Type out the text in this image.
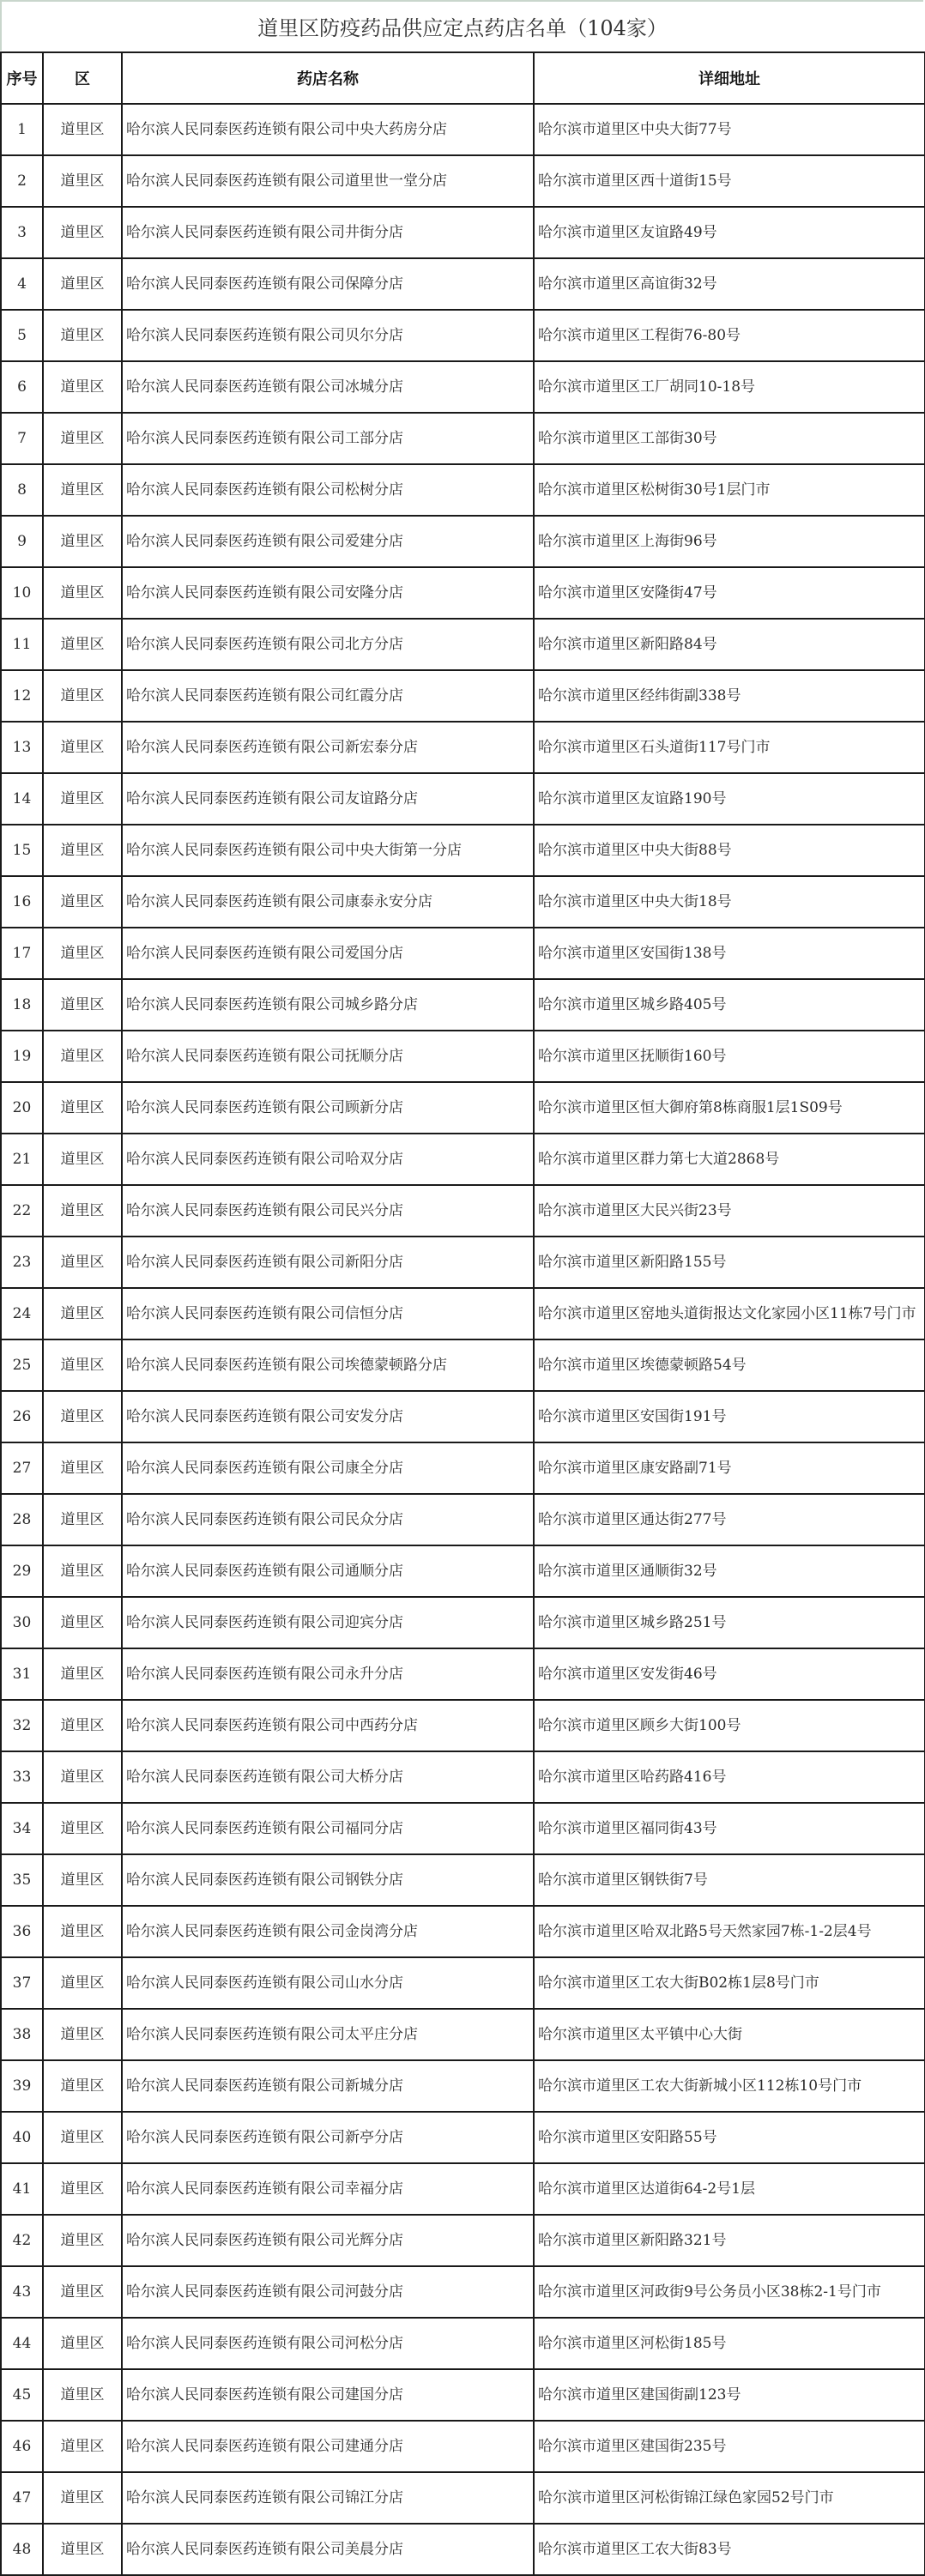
道里区防疫药品供应定点药店名单（104家）
序号	区	药店名称	详细地址
1	道里区	哈尔滨人民同泰医药连锁有限公司中央大药房分店	哈尔滨市道里区中央大街77号
2	道里区	哈尔滨人民同泰医药连锁有限公司道里世一堂分店	哈尔滨市道里区西十道街15号
3	道里区	哈尔滨人民同泰医药连锁有限公司井街分店	哈尔滨市道里区友谊路49号
4	道里区	哈尔滨人民同泰医药连锁有限公司保障分店	哈尔滨市道里区高谊街32号
5	道里区	哈尔滨人民同泰医药连锁有限公司贝尔分店	哈尔滨市道里区工程街76-80号
6	道里区	哈尔滨人民同泰医药连锁有限公司冰城分店	哈尔滨市道里区工厂胡同10-18号
7	道里区	哈尔滨人民同泰医药连锁有限公司工部分店	哈尔滨市道里区工部街30号
8	道里区	哈尔滨人民同泰医药连锁有限公司松树分店	哈尔滨市道里区松树街30号1层门市
9	道里区	哈尔滨人民同泰医药连锁有限公司爱建分店	哈尔滨市道里区上海街96号
10	道里区	哈尔滨人民同泰医药连锁有限公司安隆分店	哈尔滨市道里区安隆街47号
11	道里区	哈尔滨人民同泰医药连锁有限公司北方分店	哈尔滨市道里区新阳路84号
12	道里区	哈尔滨人民同泰医药连锁有限公司红霞分店	哈尔滨市道里区经纬街副338号
13	道里区	哈尔滨人民同泰医药连锁有限公司新宏泰分店	哈尔滨市道里区石头道街117号门市
14	道里区	哈尔滨人民同泰医药连锁有限公司友谊路分店	哈尔滨市道里区友谊路190号
15	道里区	哈尔滨人民同泰医药连锁有限公司中央大街第一分店	哈尔滨市道里区中央大街88号
16	道里区	哈尔滨人民同泰医药连锁有限公司康泰永安分店	哈尔滨市道里区中央大街18号
17	道里区	哈尔滨人民同泰医药连锁有限公司爱国分店	哈尔滨市道里区安国街138号
18	道里区	哈尔滨人民同泰医药连锁有限公司城乡路分店	哈尔滨市道里区城乡路405号
19	道里区	哈尔滨人民同泰医药连锁有限公司抚顺分店	哈尔滨市道里区抚顺街160号
20	道里区	哈尔滨人民同泰医药连锁有限公司顾新分店	哈尔滨市道里区恒大御府第8栋商服1层1S09号
21	道里区	哈尔滨人民同泰医药连锁有限公司哈双分店	哈尔滨市道里区群力第七大道2868号
22	道里区	哈尔滨人民同泰医药连锁有限公司民兴分店	哈尔滨市道里区大民兴街23号
23	道里区	哈尔滨人民同泰医药连锁有限公司新阳分店	哈尔滨市道里区新阳路155号
24	道里区	哈尔滨人民同泰医药连锁有限公司信恒分店	哈尔滨市道里区窑地头道街报达文化家园小区11栋7号门市
25	道里区	哈尔滨人民同泰医药连锁有限公司埃德蒙顿路分店	哈尔滨市道里区埃德蒙顿路54号
26	道里区	哈尔滨人民同泰医药连锁有限公司安发分店	哈尔滨市道里区安国街191号
27	道里区	哈尔滨人民同泰医药连锁有限公司康全分店	哈尔滨市道里区康安路副71号
28	道里区	哈尔滨人民同泰医药连锁有限公司民众分店	哈尔滨市道里区通达街277号
29	道里区	哈尔滨人民同泰医药连锁有限公司通顺分店	哈尔滨市道里区通顺街32号
30	道里区	哈尔滨人民同泰医药连锁有限公司迎宾分店	哈尔滨市道里区城乡路251号
31	道里区	哈尔滨人民同泰医药连锁有限公司永升分店	哈尔滨市道里区安发街46号
32	道里区	哈尔滨人民同泰医药连锁有限公司中西药分店	哈尔滨市道里区顾乡大街100号
33	道里区	哈尔滨人民同泰医药连锁有限公司大桥分店	哈尔滨市道里区哈药路416号
34	道里区	哈尔滨人民同泰医药连锁有限公司福同分店	哈尔滨市道里区福同街43号
35	道里区	哈尔滨人民同泰医药连锁有限公司钢铁分店	哈尔滨市道里区钢铁街7号
36	道里区	哈尔滨人民同泰医药连锁有限公司金岗湾分店	哈尔滨市道里区哈双北路5号天然家园7栋-1-2层4号
37	道里区	哈尔滨人民同泰医药连锁有限公司山水分店	哈尔滨市道里区工农大街B02栋1层8号门市
38	道里区	哈尔滨人民同泰医药连锁有限公司太平庄分店	哈尔滨市道里区太平镇中心大街
39	道里区	哈尔滨人民同泰医药连锁有限公司新城分店	哈尔滨市道里区工农大街新城小区112栋10号门市
40	道里区	哈尔滨人民同泰医药连锁有限公司新亭分店	哈尔滨市道里区安阳路55号
41	道里区	哈尔滨人民同泰医药连锁有限公司幸福分店	哈尔滨市道里区达道街64-2号1层
42	道里区	哈尔滨人民同泰医药连锁有限公司光辉分店	哈尔滨市道里区新阳路321号
43	道里区	哈尔滨人民同泰医药连锁有限公司河鼓分店	哈尔滨市道里区河政街9号公务员小区38栋2-1号门市
44	道里区	哈尔滨人民同泰医药连锁有限公司河松分店	哈尔滨市道里区河松街185号
45	道里区	哈尔滨人民同泰医药连锁有限公司建国分店	哈尔滨市道里区建国街副123号
46	道里区	哈尔滨人民同泰医药连锁有限公司建通分店	哈尔滨市道里区建国街235号
47	道里区	哈尔滨人民同泰医药连锁有限公司锦江分店	哈尔滨市道里区河松街锦江绿色家园52号门市
48	道里区	哈尔滨人民同泰医药连锁有限公司美晨分店	哈尔滨市道里区工农大街83号
